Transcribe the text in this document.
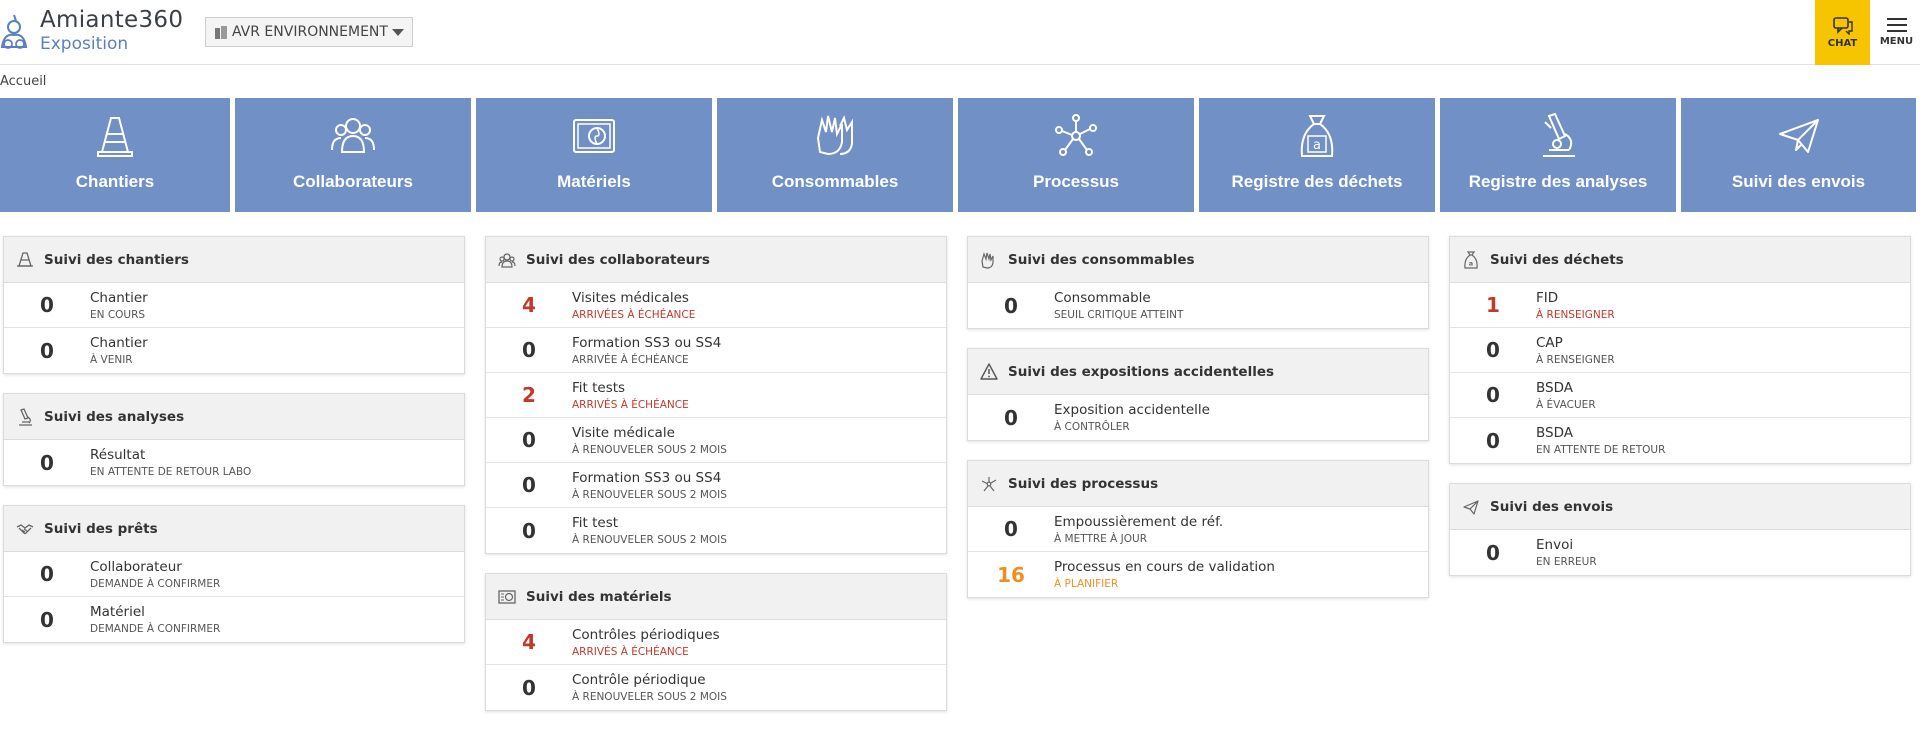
Amiante360
Exposition
AVR ENVIRONNEMENT
CHAT MENU
Accueil
Chantiers	Collaborateurs	Matériels	Consommables	Processus
a
Registre des déchets	Registre des analyses	Suivi des envois
Suivi des chantiers
0	Chantier
EN COURS
0	Chantier
À VENIR
Suivi des analyses
0	Résultat
EN ATTENTE DE RETOUR LABO
Suivi des prêts
0	Collaborateur
DEMANDE À CONFIRMER
0	Matériel
DEMANDE À CONFIRMER
Suivi des collaborateurs
4	Visites médicales
ARRIVÉES À ÉCHÉANCE
0	Formation SS3 ou SS4
ARRIVÉE À ÉCHÉANCE
2	Fit tests
ARRIVÉS À ÉCHÉANCE
0	Visite médicale
À RENOUVELER SOUS 2 MOIS
0	Formation SS3 ou SS4
À RENOUVELER SOUS 2 MOIS
0	Fit test
À RENOUVELER SOUS 2 MOIS
Suivi des matériels
4	Contrôles périodiques
ARRIVÉS À ÉCHÉANCE
0	Contrôle périodique
À RENOUVELER SOUS 2 MOIS
Suivi des consommables
0	Consommable
SEUIL CRITIQUE ATTEINT
Suivi des expositions accidentelles
0	Exposition accidentelle
À CONTRÔLER
Suivi des processus
0	Empoussièrement de réf.
À METTRE À JOUR
16	Processus en cours de validation
À PLANIFIER
a Suivi des déchets
1	FID
À RENSEIGNER
0	CAP
À RENSEIGNER
0	BSDA
À ÉVACUER
0	BSDA
EN ATTENTE DE RETOUR
Suivi des envois
0	Envoi
EN ERREUR
